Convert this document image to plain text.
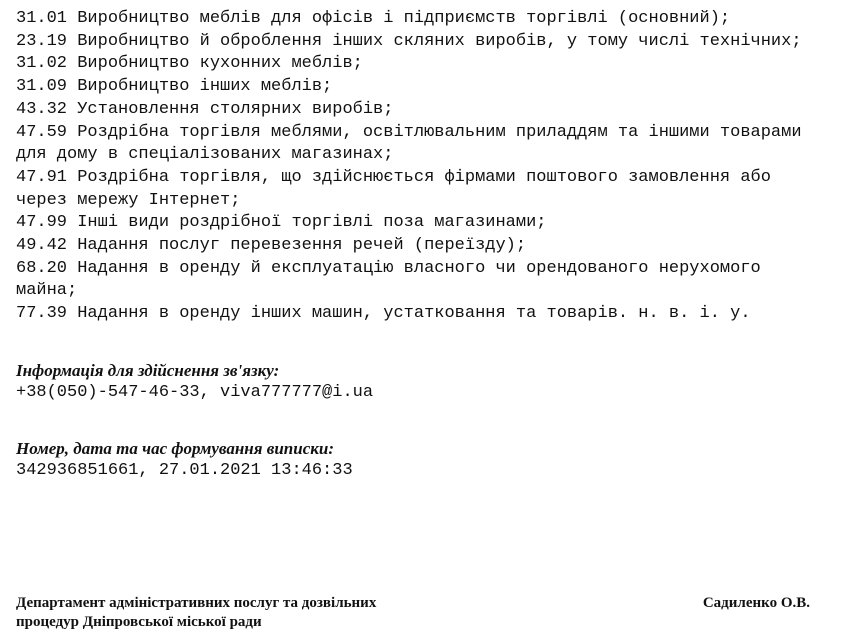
31.01 Виробництво меблів для офісів і підприємств торгівлі (основний);
23.19 Виробництво й оброблення інших скляних виробів, у тому числі технічних;
31.02 Виробництво кухонних меблів;
31.09 Виробництво інших меблів;
43.32 Установлення столярних виробів;
47.59 Роздрібна торгівля меблями, освітлювальним приладдям та іншими товарами для дому в спеціалізованих магазинах;
47.91 Роздрібна торгівля, що здійснюється фірмами поштового замовлення або через мережу Інтернет;
47.99 Інші види роздрібної торгівлі поза магазинами;
49.42 Надання послуг перевезення речей (переїзду);
68.20 Надання в оренду й експлуатацію власного чи орендованого нерухомого майна;
77.39 Надання в оренду інших машин, устатковання та товарів. н. в. і. у.

Інформація для здійснення зв'язку:

+38(050)-547-46-33, viva777777@i.ua

Номер, дата та час формування виписки:

342936851661, 27.01.2021 13:46:33

Департамент адміністративних послуг та дозвільних процедур Дніпровської міської ради
Садиленко О.В.
